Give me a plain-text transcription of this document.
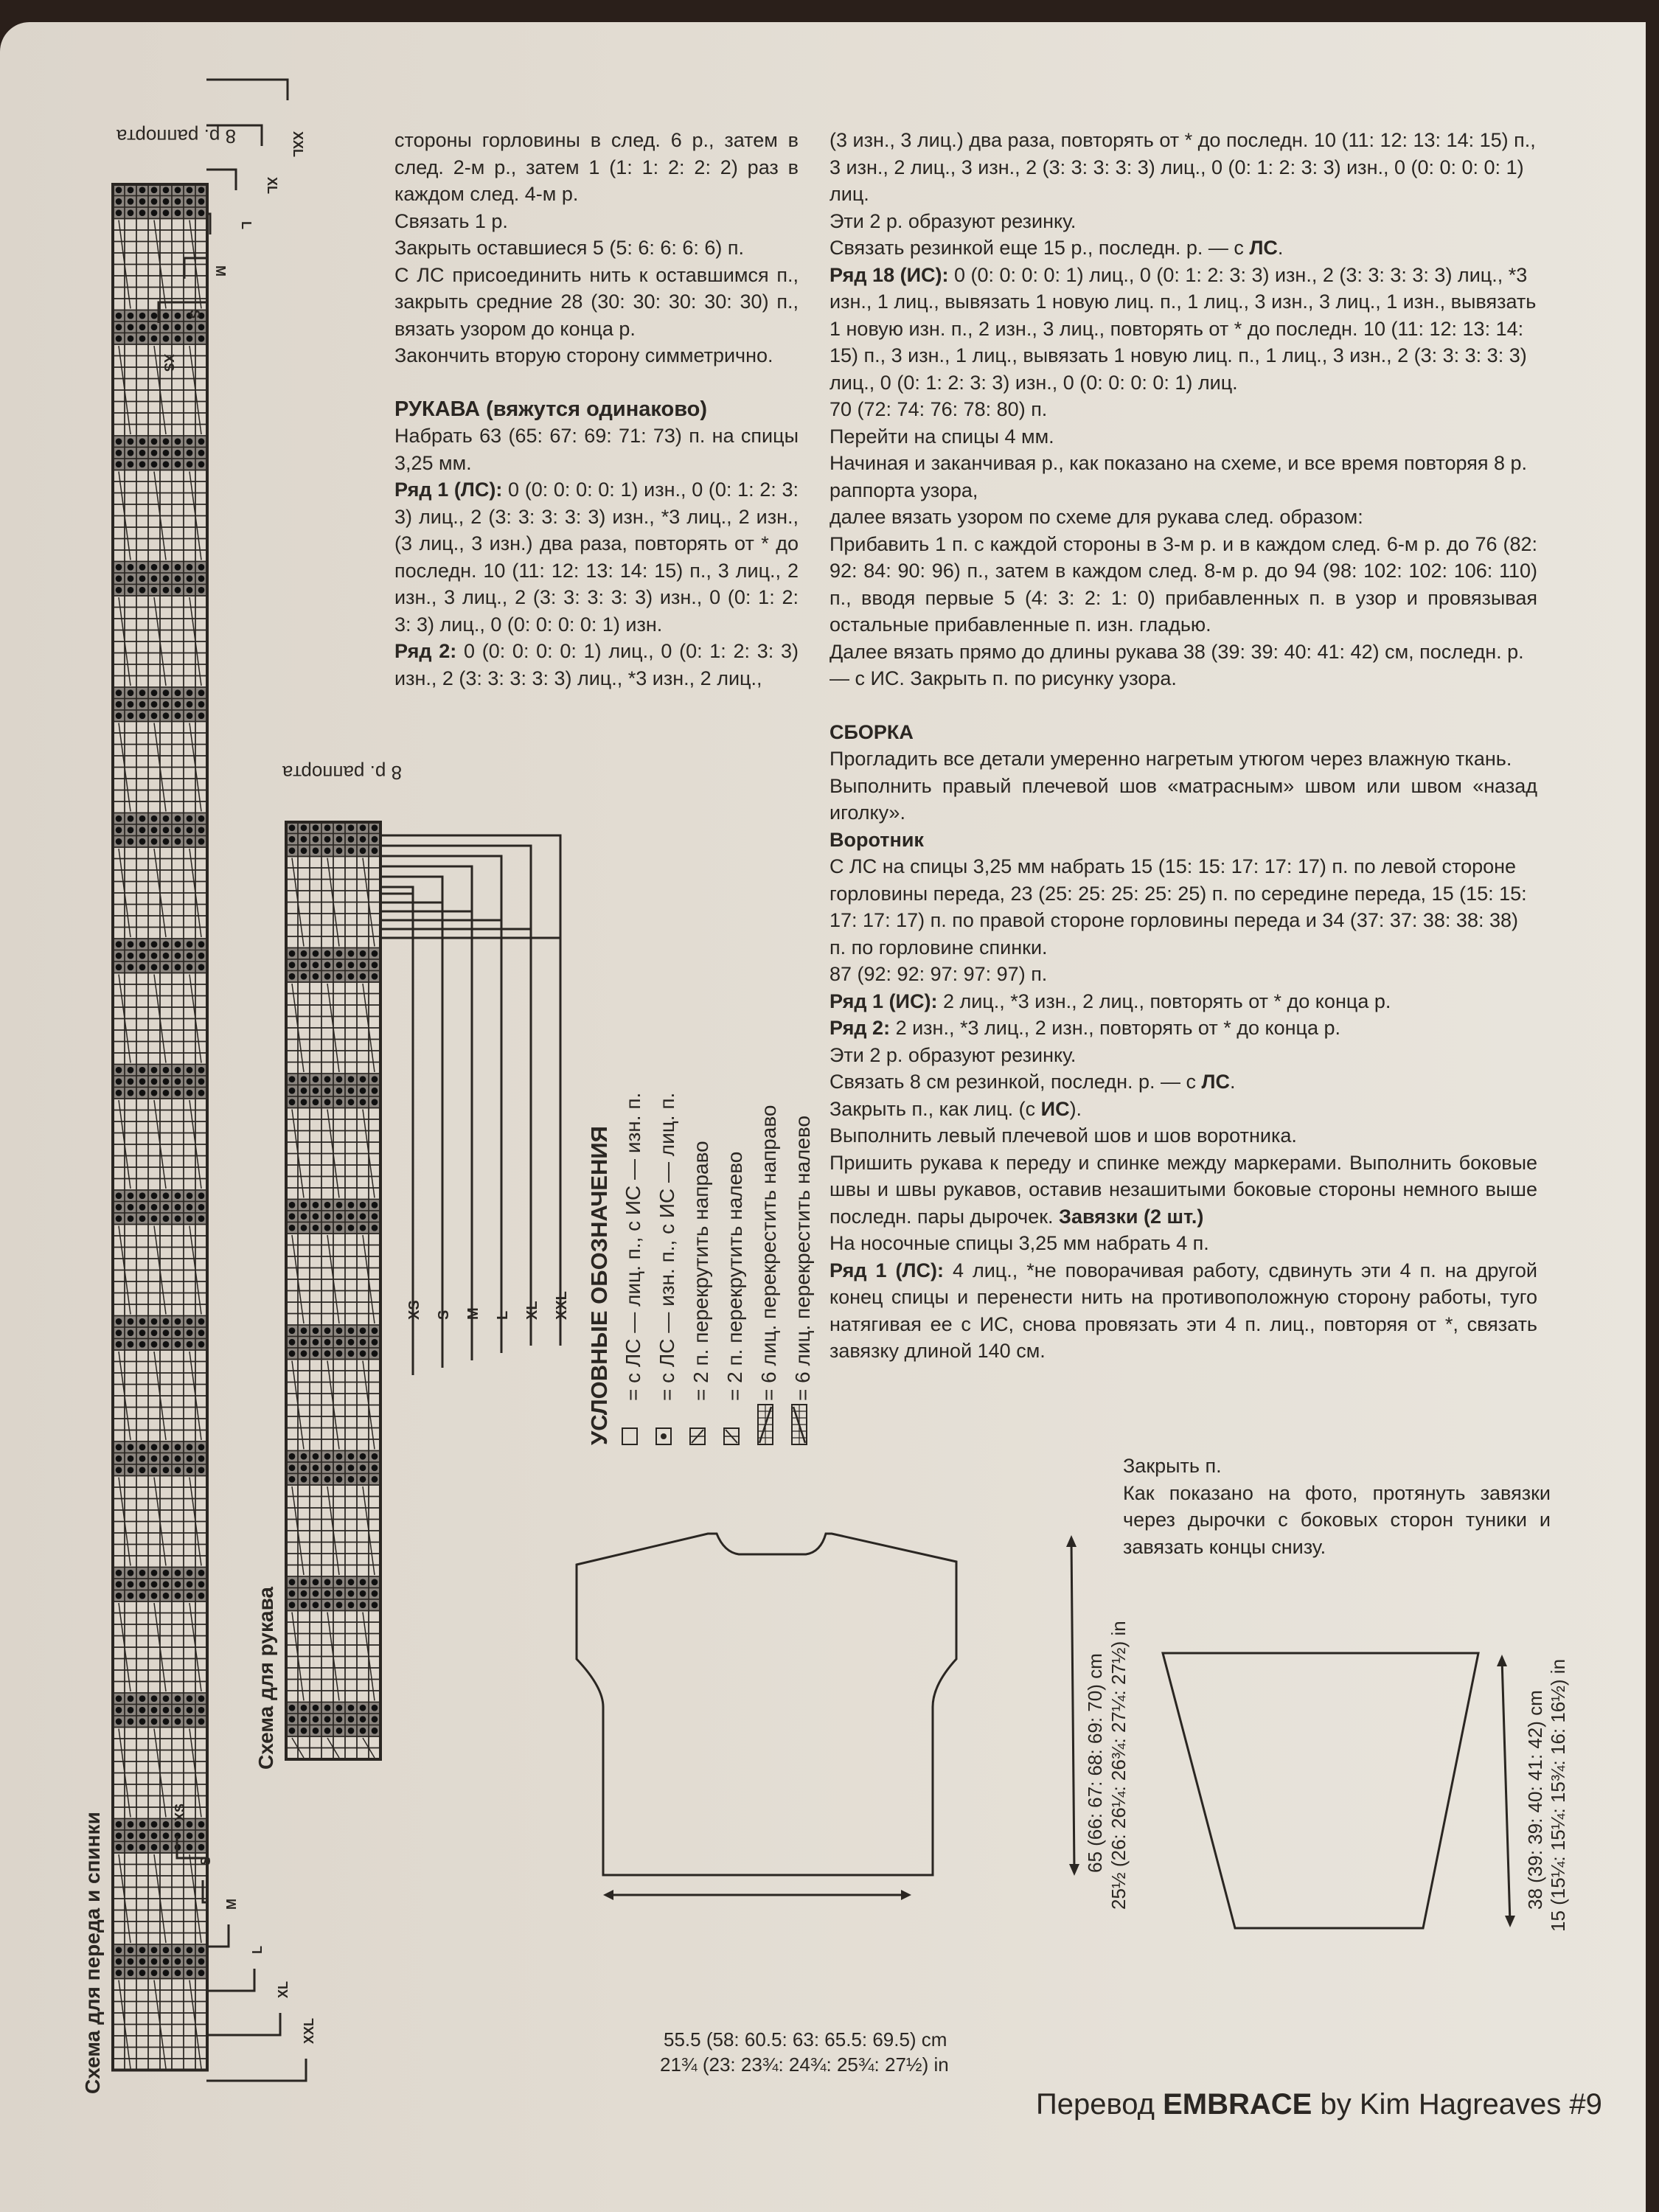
XS
XS
S
S
M
M
L
L
XL
XL
XXL
XXL
8 р. раппорта
Схема для переда и спинки
XS S M L XL XXL
8 р. раппорта
Схема для рукава
УСЛОВНЫЕ ОБОЗНАЧЕНИЯ = с ЛС — лиц. п., с ИС — изн. п. = с ЛС — изн. п., с ИС — лиц. п. = 2 п. перекрутить направо = 2 п. перекрутить налево = 6 лиц. перекрестить направо = 6 лиц. перекрестить налево

стороны горловины в след. 6 р., затем в след. 2-м р., затем 1 (1: 1: 2: 2: 2) раз в каждом след. 4-м р.

Связать 1 р.

Закрыть оставшиеся 5 (5: 6: 6: 6: 6) п.

С ЛС присоединить нить к оставшимся п., закрыть средние 28 (30: 30: 30: 30: 30) п., вязать узором до конца р.

Закончить вторую сторону симметрично.

РУКАВА (вяжутся одинаково)

Набрать 63 (65: 67: 69: 71: 73) п. на спицы 3,25 мм.

Ряд 1 (ЛС): 0 (0: 0: 0: 0: 1) изн., 0 (0: 1: 2: 3: 3) лиц., 2 (3: 3: 3: 3: 3) изн., *3 лиц., 2 изн., (3 лиц., 3 изн.) два раза, повторять от * до последн. 10 (11: 12: 13: 14: 15) п., 3 лиц., 2 изн., 3 лиц., 2 (3: 3: 3: 3: 3) изн., 0 (0: 1: 2: 3: 3) лиц., 0 (0: 0: 0: 0: 1) изн.

Ряд 2: 0 (0: 0: 0: 0: 1) лиц., 0 (0: 1: 2: 3: 3) изн., 2 (3: 3: 3: 3: 3) лиц., *3 изн., 2 лиц.,

(3 изн., 3 лиц.) два раза, повторять от * до последн. 10 (11: 12: 13: 14: 15) п., 3 изн., 2 лиц., 3 изн., 2 (3: 3: 3: 3: 3) лиц., 0 (0: 1: 2: 3: 3) изн., 0 (0: 0: 0: 0: 1) лиц.

Эти 2 р. образуют резинку.

Связать резинкой еще 15 р., последн. р. — с ЛС.

Ряд 18 (ИС): 0 (0: 0: 0: 0: 1) лиц., 0 (0: 1: 2: 3: 3) изн., 2 (3: 3: 3: 3: 3) лиц., *3 изн., 1 лиц., вывязать 1 новую лиц. п., 1 лиц., 3 изн., 3 лиц., 1 изн., вывязать 1 новую изн. п., 2 изн., 3 лиц., повторять от * до последн. 10 (11: 12: 13: 14: 15) п., 3 изн., 1 лиц., вывязать 1 новую лиц. п., 1 лиц., 3 изн., 2 (3: 3: 3: 3: 3) лиц., 0 (0: 1: 2: 3: 3) изн., 0 (0: 0: 0: 0: 1) лиц.

70 (72: 74: 76: 78: 80) п.

Перейти на спицы 4 мм.

Начиная и заканчивая р., как показано на схеме, и все время повторяя 8 р. раппорта узора,

далее вязать узором по схеме для рукава след. образом:

Прибавить 1 п. с каждой стороны в 3-м р. и в каждом след. 6-м р. до 76 (82: 92: 84: 90: 96) п., затем в каждом след. 8-м р. до 94 (98: 102: 102: 106: 110) п., вводя первые 5 (4: 3: 2: 1: 0) прибавленных п. в узор и провязывая остальные прибавленные п. изн. гладью.

Далее вязать прямо до длины рукава 38 (39: 39: 40: 41: 42) см, последн. р. — с ИС. Закрыть п. по рисунку узора.

СБОРКА

Прогладить все детали умеренно нагретым утюгом через влажную ткань.

Выполнить правый плечевой шов «матрасным» швом или швом «назад иголку».

Воротник

С ЛС на спицы 3,25 мм набрать 15 (15: 15: 17: 17: 17) п. по левой стороне горловины переда, 23 (25: 25: 25: 25: 25) п. по середине переда, 15 (15: 15: 17: 17: 17) п. по правой стороне горловины переда и 34 (37: 37: 38: 38: 38) п. по горловине спинки.

87 (92: 92: 97: 97: 97) п.

Ряд 1 (ИС): 2 лиц., *3 изн., 2 лиц., повторять от * до конца р.

Ряд 2: 2 изн., *3 лиц., 2 изн., повторять от * до конца р.

Эти 2 р. образуют резинку.

Связать 8 см резинкой, последн. р. — с ЛС.

Закрыть п., как лиц. (с ИС).

Выполнить левый плечевой шов и шов воротника.

Пришить рукава к переду и спинке между маркерами. Выполнить боковые швы и швы рукавов, оставив незашитыми боковые стороны немного выше последн. пары дырочек. Завязки (2 шт.)

На носочные спицы 3,25 мм набрать 4 п.

Ряд 1 (ЛС): 4 лиц., *не поворачивая работу, сдвинуть эти 4 п. на другой конец спицы и перенести нить на противоположную сторону работы, туго натягивая ее с ИС, снова провязать эти 4 п. лиц., повторяя от *, связать завязку длиной 140 см.

Закрыть п.

Как показано на фото, протянуть завязки через дырочки с боковых сторон туники и завязать концы снизу.

55.5 (58: 60.5: 63: 65.5: 69.5) cm
21¾ (23: 23¾: 24¾: 25¾: 27½) in
65 (66: 67: 68: 69: 70) cm 25½ (26: 26¼: 26¾: 27¼: 27½) in	38 (39: 39: 40: 41: 42) cm 15 (15¼: 15¼: 15¾: 16: 16½) in
Перевод EMBRACE by Kim Hagreaves #9
